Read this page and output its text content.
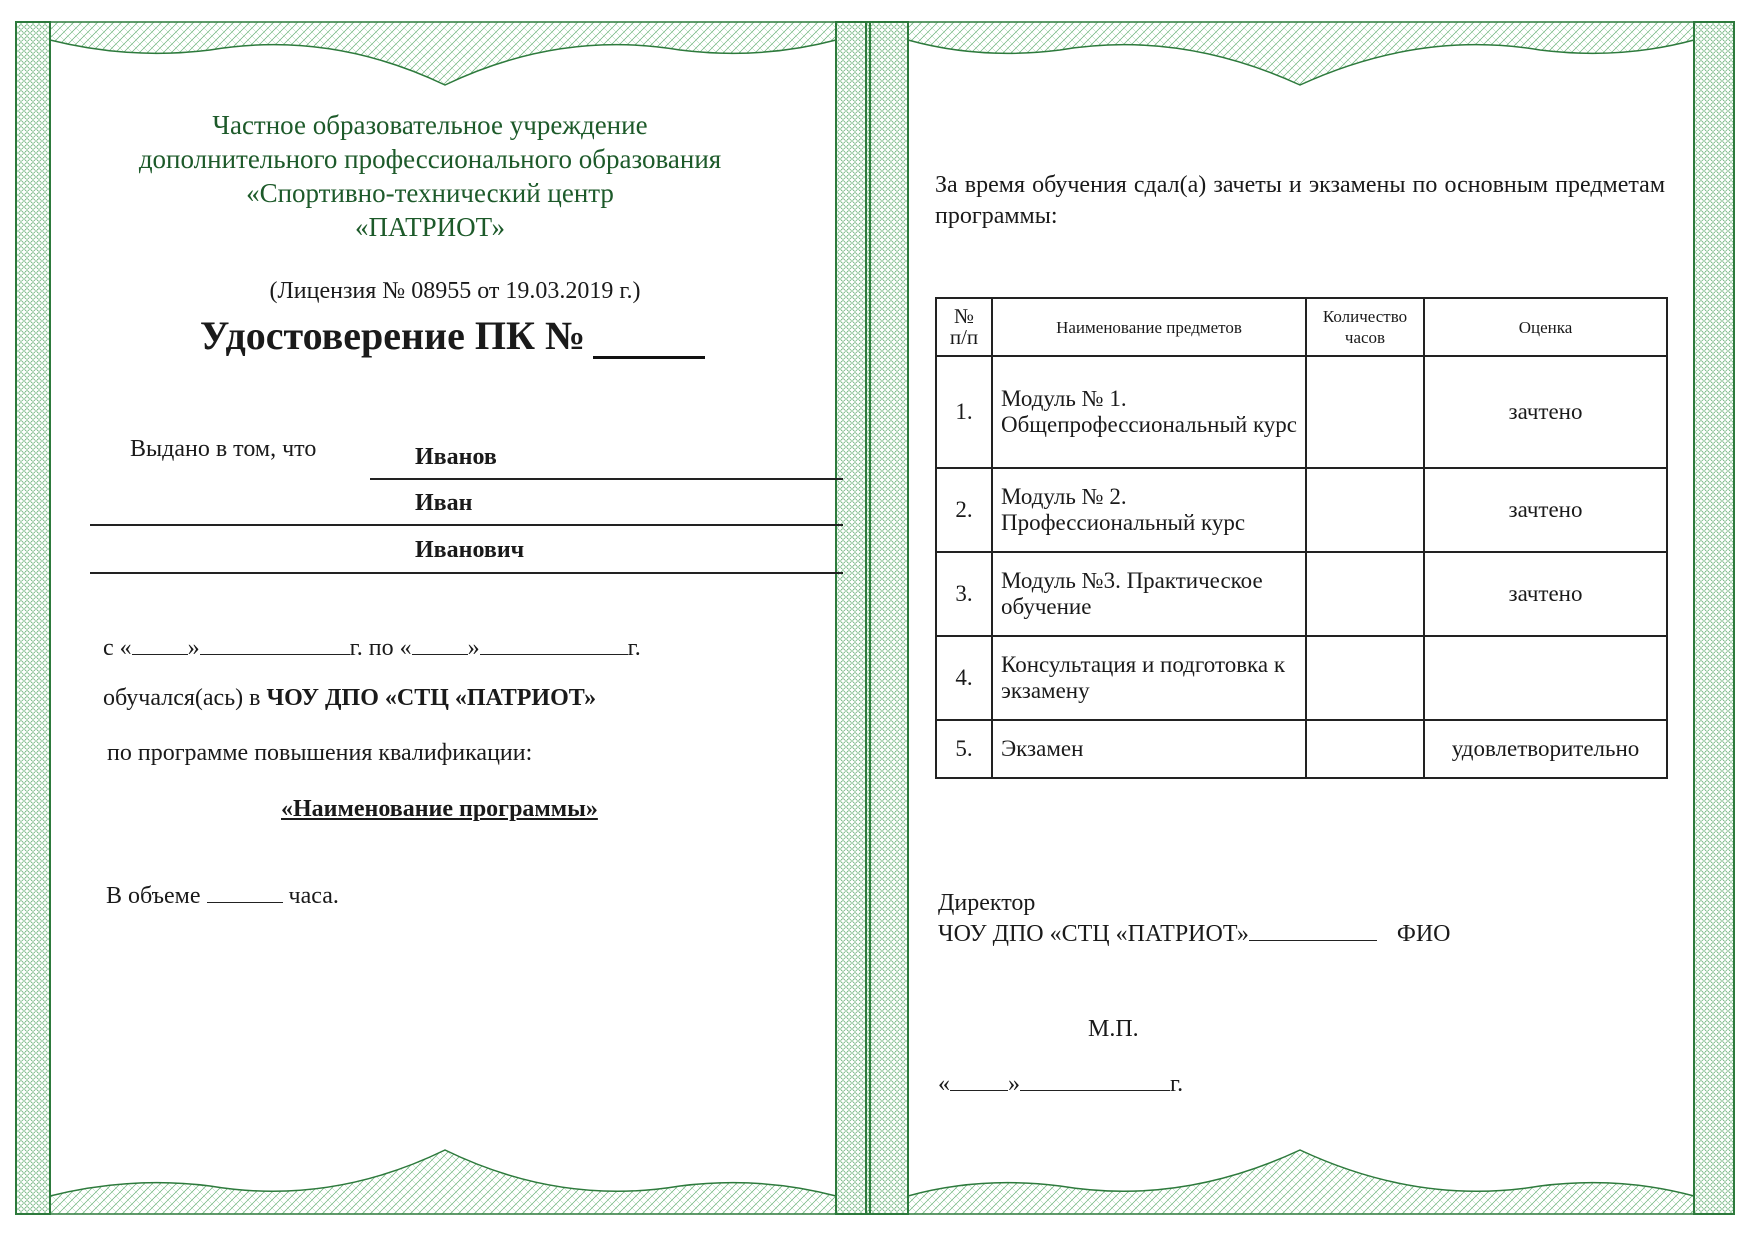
Частное образовательное учреждение
дополнительного профессионального образования
«Спортивно-технический центр
«ПАТРИОТ»
(Лицензия № 08955 от 19.03.2019 г.)
Удостоверение ПК №
Выдано в том, что	Иванов
Иван
Иванович
с « »	г. по « »	г.
обучался(ась) в ЧОУ ДПО «СТЦ «ПАТРИОТ»
по программе повышения квалификации:
«Наименование программы»
В объеме	часа.
За время обучения сдал(а) зачеты и экзамены по основным предметам программы:
№ п/п	Наименование предметов	Количество часов	Оценка
1.	Модуль № 1. Общепрофессиональный курс		зачтено
2.	Модуль № 2. Профессиональный курс		зачтено
3.	Модуль №3. Практическое обучение		зачтено
4.	Консультация и подготовка к экзамену		
5.	Экзамен		удовлетворительно
Директор
ЧОУ ДПО «СТЦ «ПАТРИОТ»	ФИО
М.П.
« »	г.
